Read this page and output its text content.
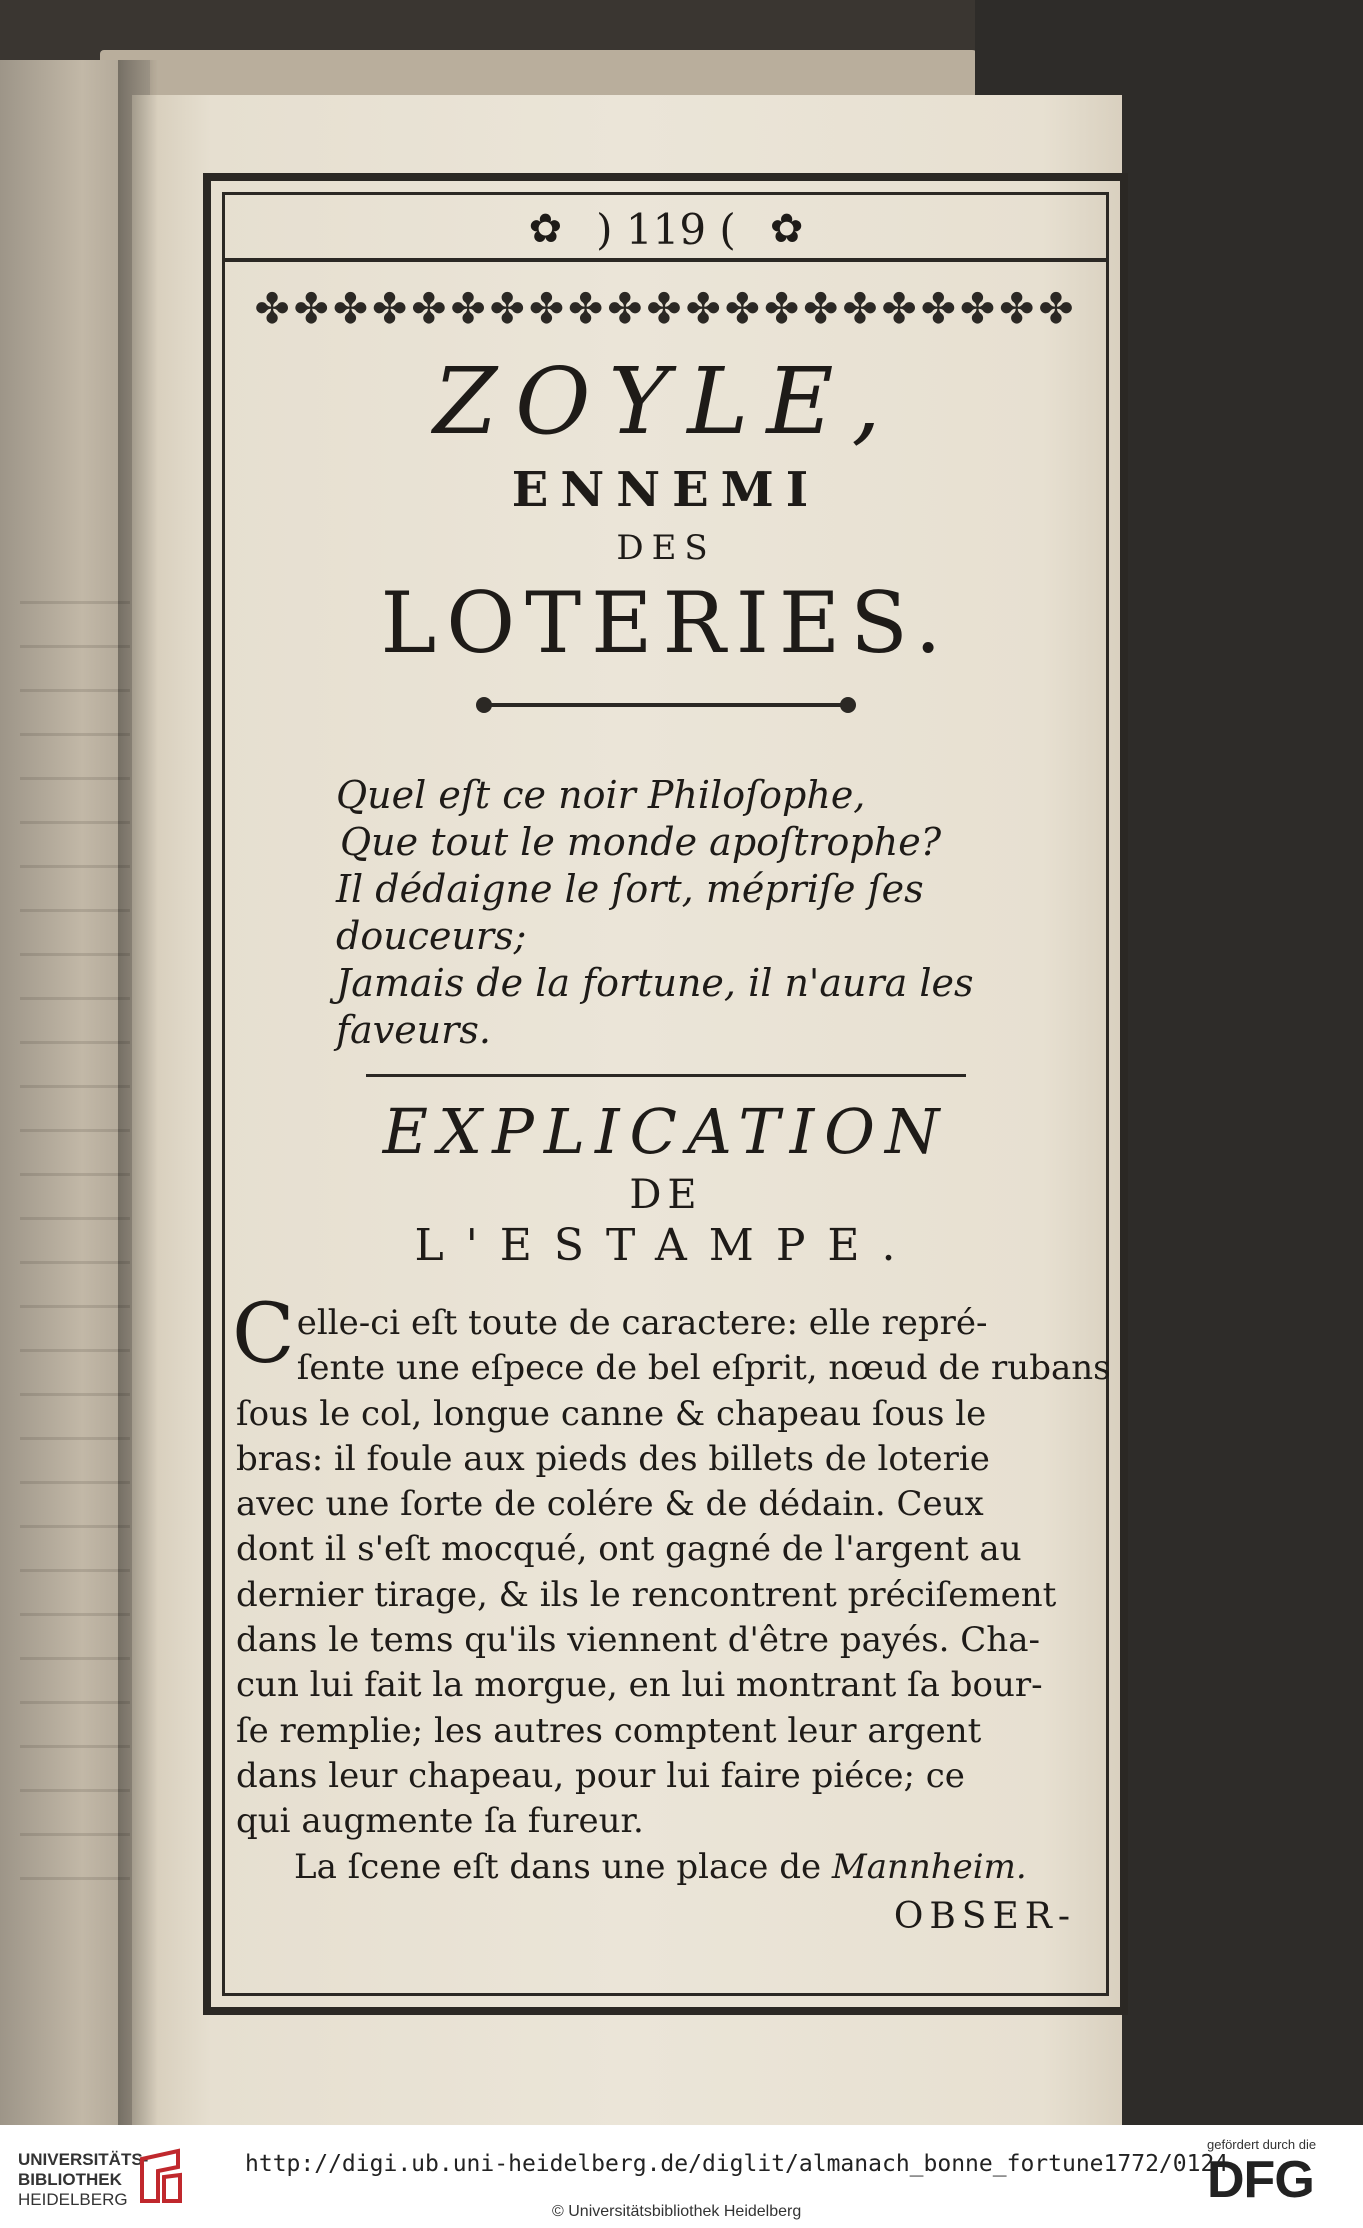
✿ ) 119 ( ✿
✤✤✤✤✤✤✤✤✤✤✤✤✤✤✤✤✤✤✤✤✤
ZOYLE,
ENNEMI
DES
LOTERIES.
Quel eſt ce noir Philoſophe,
Que tout le monde apoſtrophe?
Il dédaigne le ſort, mépriſe ſes douceurs;
Jamais de la fortune, il n'aura les faveurs.
EXPLICATION
DE
L'ESTAMPE.
C elle-ci eſt toute de caractere: elle repré-
ſente une eſpece de bel eſprit, nœud de rubans
ſous le col, longue canne & chapeau ſous le
bras: il foule aux pieds des billets de loterie
avec une ſorte de colére & de dédain. Ceux
dont il s'eſt mocqué, ont gagné de l'argent au
dernier tirage, & ils le rencontrent préciſement
dans le tems qu'ils viennent d'être payés. Cha-
cun lui fait la morgue, en lui montrant ſa bour-
ſe remplie; les autres comptent leur argent
dans leur chapeau, pour lui faire piéce; ce
qui augmente ſa fureur.
La ſcene eſt dans une place de Mannheim.
OBSER-
UNIVERSITÄTS-
BIBLIOTHEK
HEIDELBERG
http://digi.ub.uni-heidelberg.de/diglit/almanach_bonne_fortune1772/0124
© Universitätsbibliothek Heidelberg
gefördert durch die
DFG
